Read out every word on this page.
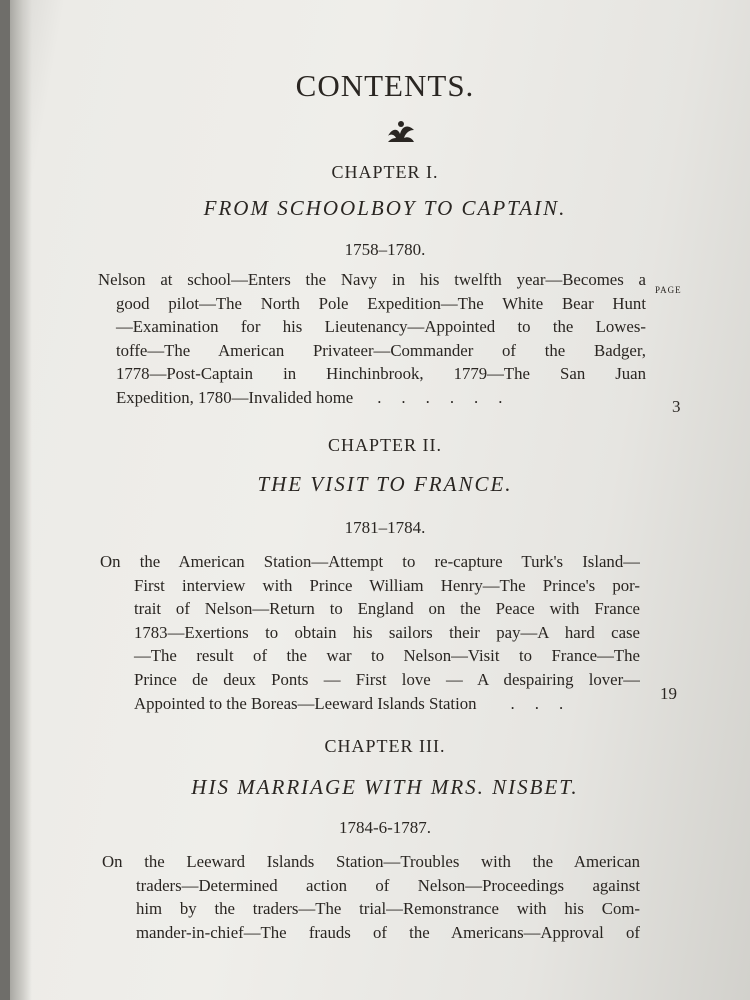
CONTENTS.
CHAPTER I.
FROM SCHOOLBOY TO CAPTAIN.
1758–1780.
PAGE
Nelson at school—Enters the Navy in his twelfth year—Becomes a
good pilot—The North Pole Expedition—The White Bear Hunt
—Examination for his Lieutenancy—Appointed to the Lowes-
toffe—The American Privateer—Commander of the Badger,
1778—Post-Captain in Hinchinbrook, 1779—The San Juan
Expedition, 1780—Invalided home ......	3
CHAPTER II.
THE VISIT TO FRANCE.
1781–1784.
On the American Station—Attempt to re-capture Turk's Island—
First interview with Prince William Henry—The Prince's por-
trait of Nelson—Return to England on the Peace with France
1783—Exertions to obtain his sailors their pay—A hard case
—The result of the war to Nelson—Visit to France—The
Prince de deux Ponts — First love — A despairing lover—
Appointed to the Boreas—Leeward Islands Station ...
19
CHAPTER III.
HIS MARRIAGE WITH MRS. NISBET.
1784-6-1787.
On the Leeward Islands Station—Troubles with the American
traders—Determined action of Nelson—Proceedings against
him by the traders—The trial—Remonstrance with his Com-
mander-in-chief—The frauds of the Americans—Approval of
